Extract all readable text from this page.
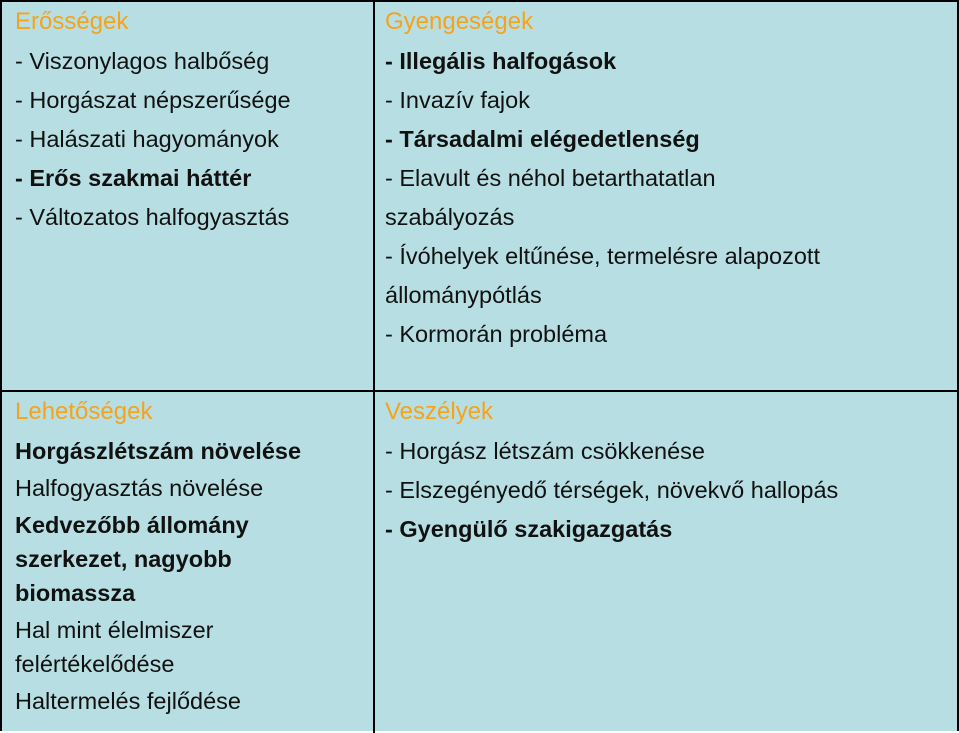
Erősségek
- Viszonylagos halbőség
- Horgászat népszerűsége
- Halászati hagyományok
- Erős szakmai háttér
- Változatos halfogyasztás
Gyengeségek
- Illegális halfogások
- Invazív fajok
- Társadalmi elégedetlenség
- Elavult és néhol betarthatatlan
szabályozás
- Ívóhelyek eltűnése, termelésre alapozott
állománypótlás
- Kormorán probléma
Lehetőségek
Horgászlétszám növelése
Halfogyasztás növelése
Kedvezőbb állomány
szerkezet, nagyobb
biomassza
Hal mint élelmiszer
felértékelődése
Haltermelés fejlődése
Veszélyek
- Horgász létszám csökkenése
- Elszegényedő térségek, növekvő hallopás
- Gyengülő szakigazgatás
